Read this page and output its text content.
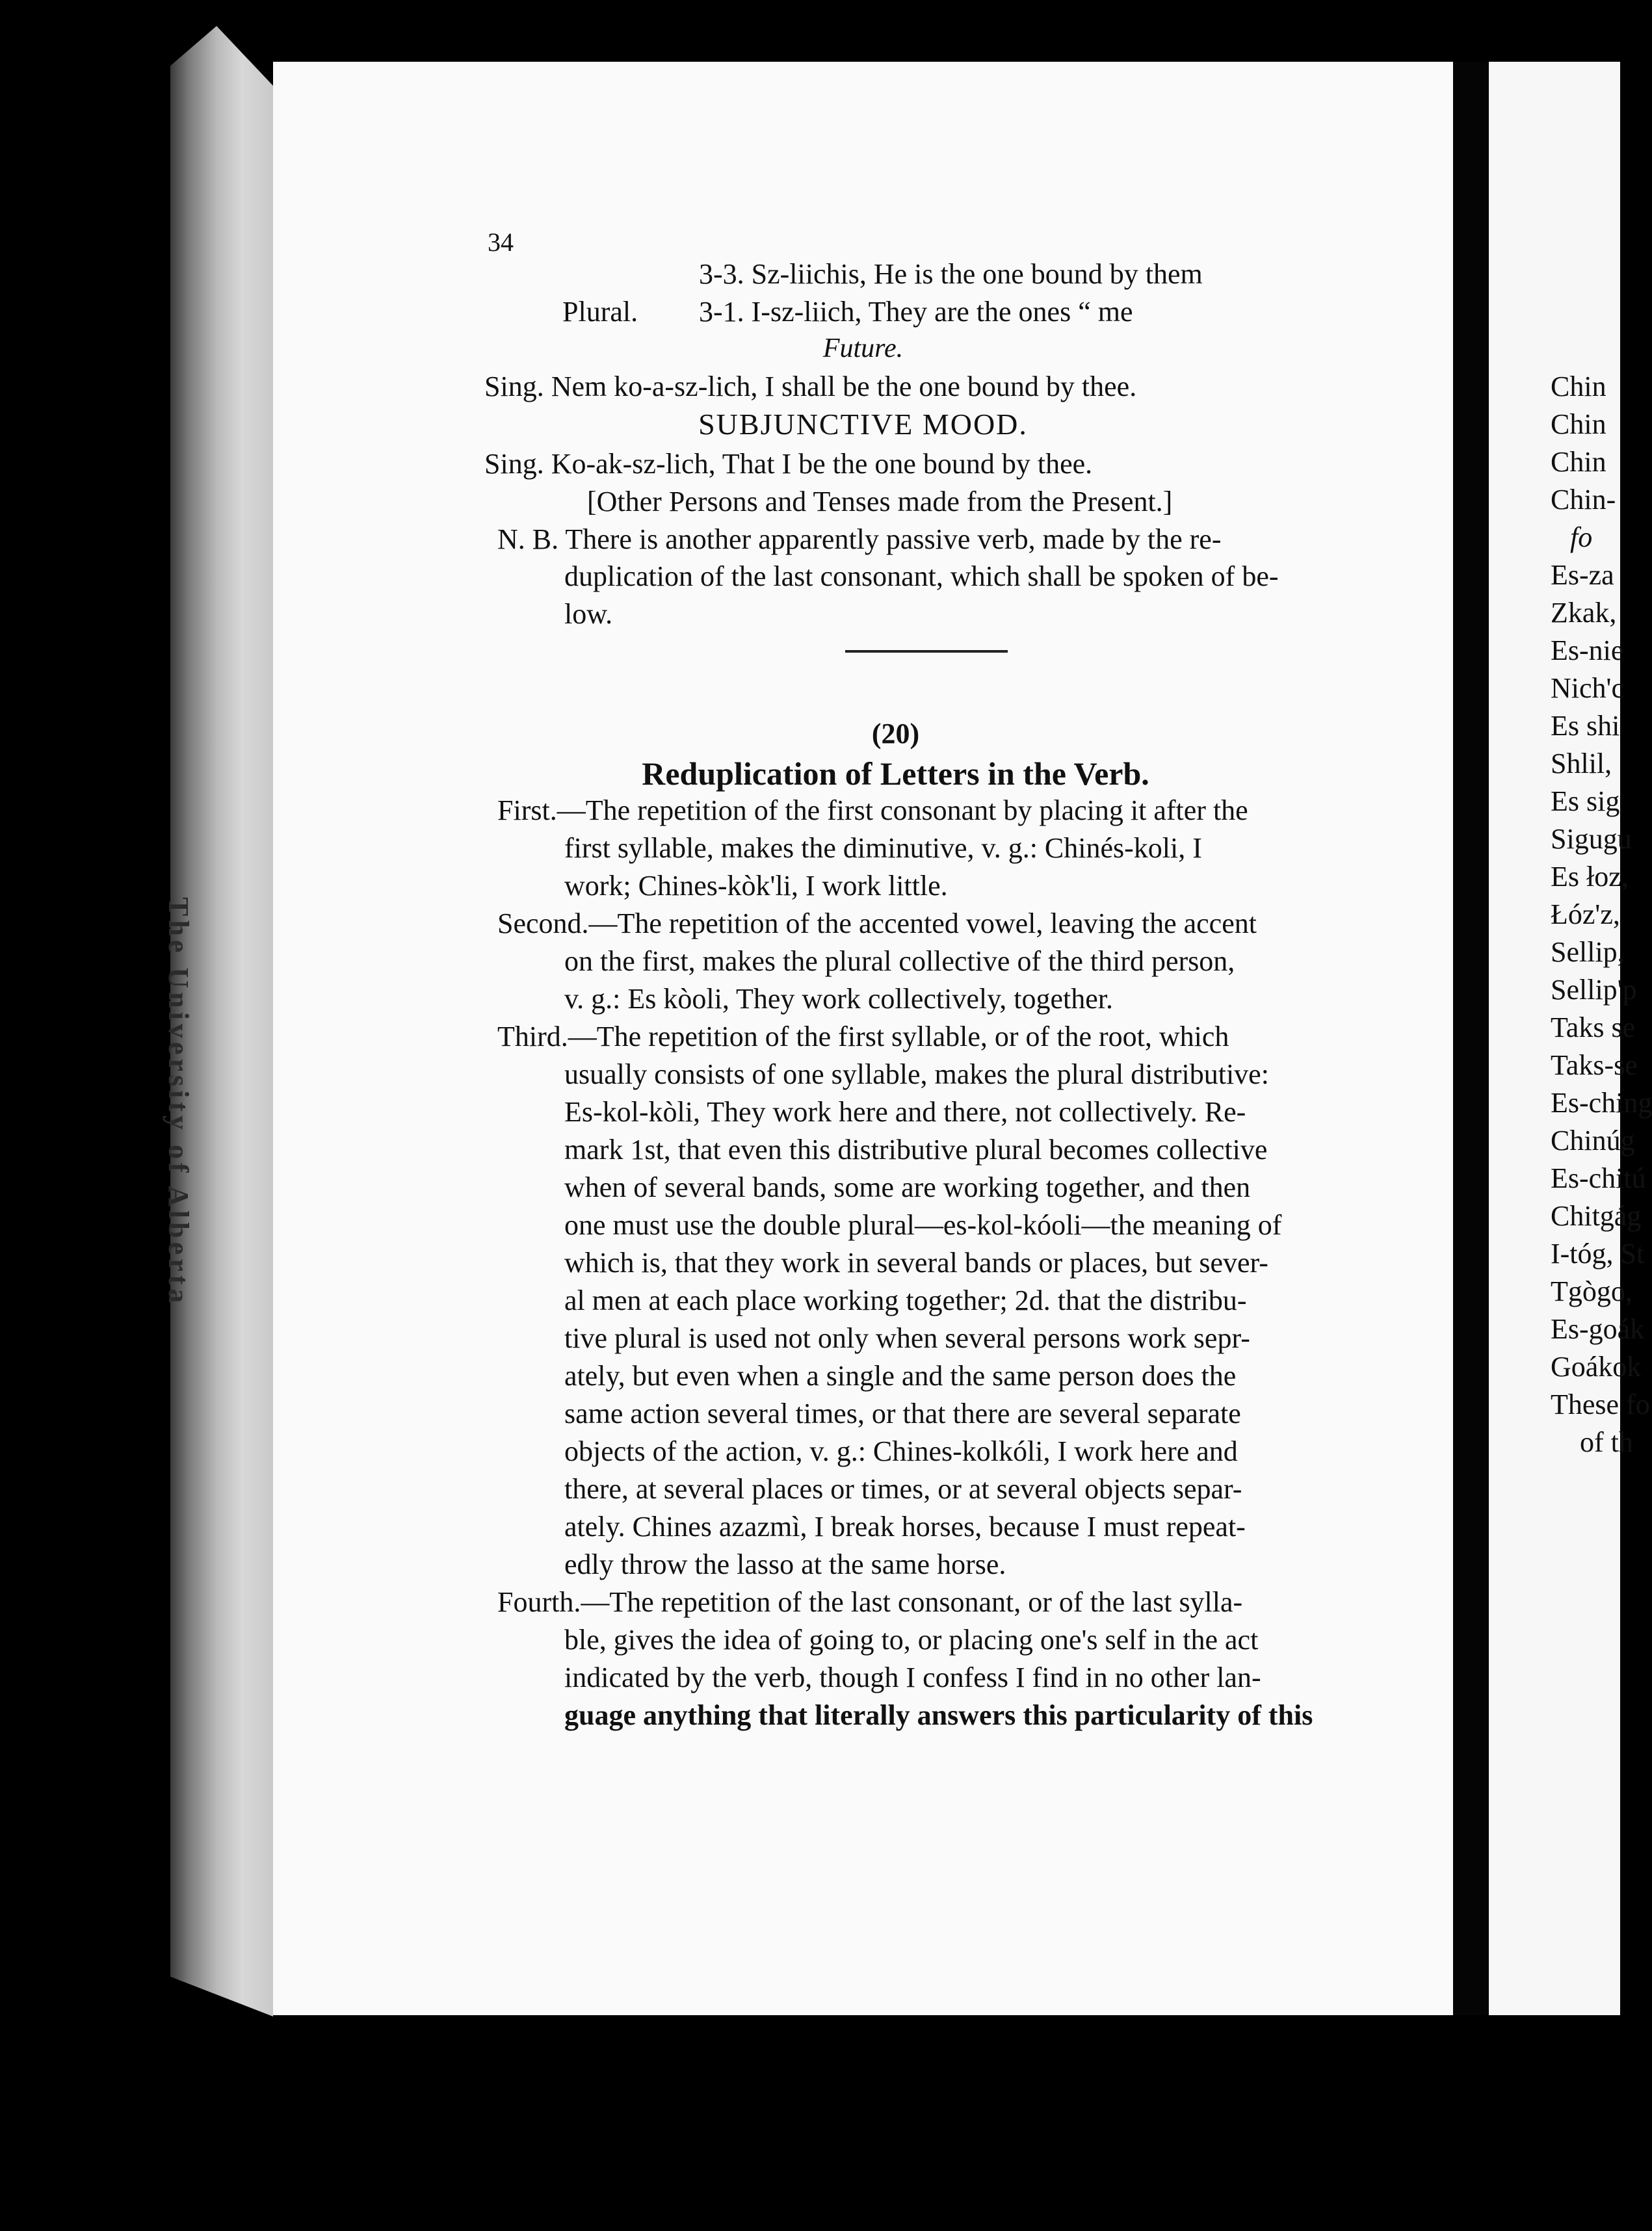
The University of Alberta
34
3-3. Sz-liichis, He is the one bound by them
Plural. 3-1. I-sz-liich, They are the ones “ me
Future.
Sing. Nem ko-a-sz-lich, I shall be the one bound by thee.
SUBJUNCTIVE MOOD.
Sing. Ko-ak-sz-lich, That I be the one bound by thee.
[Other Persons and Tenses made from the Present.]
N. B. There is another apparently passive verb, made by the re-
duplication of the last consonant, which shall be spoken of be-
low.
(20)
Reduplication of Letters in the Verb.
First.—The repetition of the first consonant by placing it after the
first syllable, makes the diminutive, v. g.: Chinés-koli, I
work; Chines-kòk'li, I work little.
Second.—The repetition of the accented vowel, leaving the accent
on the first, makes the plural collective of the third person,
v. g.: Es kòoli, They work collectively, together.
Third.—The repetition of the first syllable, or of the root, which
usually consists of one syllable, makes the plural distributive:
Es-kol-kòli, They work here and there, not collectively. Re-
mark 1st, that even this distributive plural becomes collective
when of several bands, some are working together, and then
one must use the double plural—es-kol-kóoli—the meaning of
which is, that they work in several bands or places, but sever-
al men at each place working together; 2d. that the distribu-
tive plural is used not only when several persons work sepr-
ately, but even when a single and the same person does the
same action several times, or that there are several separate
objects of the action, v. g.: Chines-kolkóli, I work here and
there, at several places or times, or at several objects separ-
ately. Chines azazmì, I break horses, because I must repeat-
edly throw the lasso at the same horse.
Fourth.—The repetition of the last consonant, or of the last sylla-
ble, gives the idea of going to, or placing one's self in the act
indicated by the verb, though I confess I find in no other lan-
guage anything that literally answers this particularity of this
Chin
Chin
Chin
Chin-
fo
Es-za
Zkak,
Es-nie
Nich'c
Es shi
Shlil,
Es sig
Sigugu
Es łoz,
Łóz'z,
Sellip,
Sellip'p
Taks se
Taks-se
Es-ching
Chinúg
Es-chitú
Chitgág
I-tóg, St
Tgògo,
Es-goák
Goákok
These fo
of th
